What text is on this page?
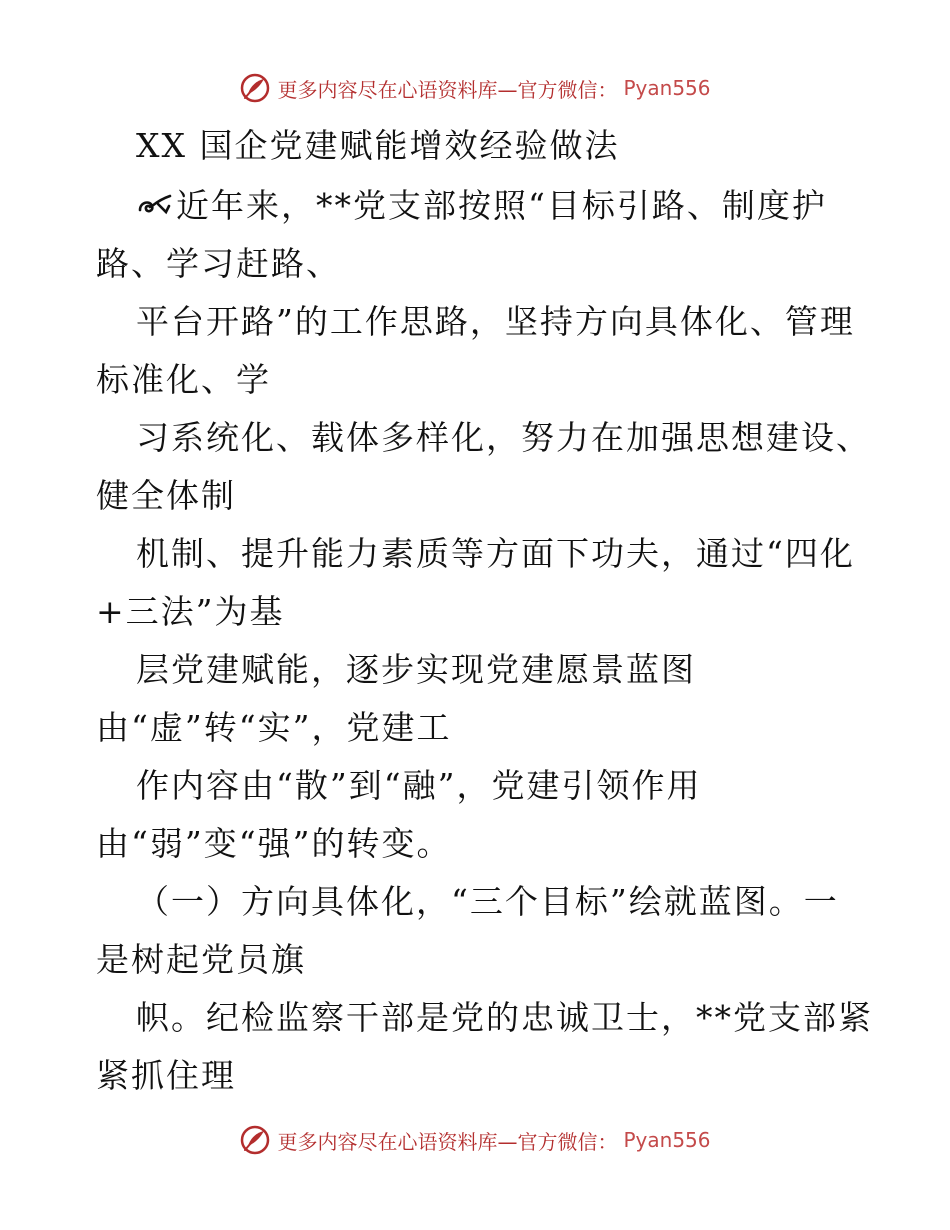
更多内容尽在心语资料库—官方微信： Pyan556
XX 国企党建赋能增效经验做法
近年来，**党支部按照“目标引路、制度护
路、学习赶路、
平台开路”的工作思路，坚持方向具体化、管理
标准化、学
习系统化、载体多样化，努力在加强思想建设、
健全体制
机制、提升能力素质等方面下功夫，通过“四化
+三法”为基
层党建赋能，逐步实现党建愿景蓝图
由“虚”转“实”，党建工
作内容由“散”到“融”，党建引领作用
由“弱”变“强”的转变。
（一）方向具体化，“三个目标”绘就蓝图。一
是树起党员旗
帜。纪检监察干部是党的忠诚卫士，**党支部紧
紧抓住理
更多内容尽在心语资料库—官方微信： Pyan556
